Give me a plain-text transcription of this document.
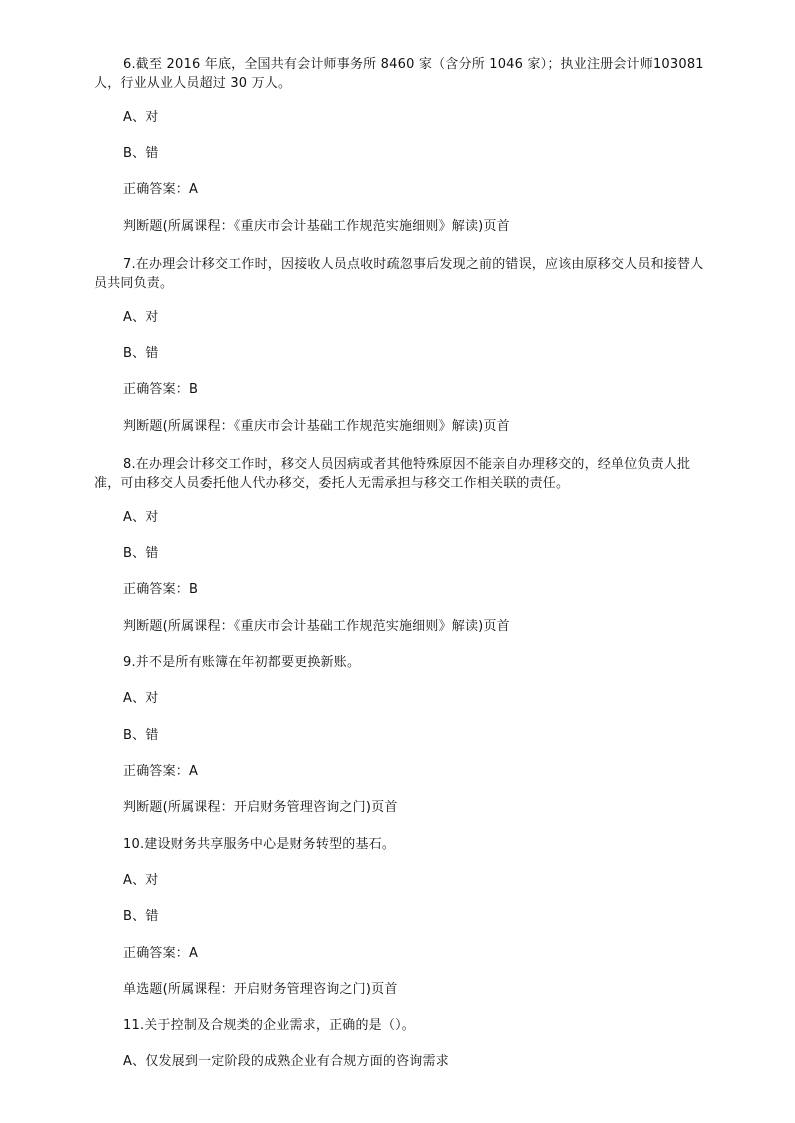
6.截至 2016 年底，全国共有会计师事务所 8460 家（含分所 1046 家）；执业注册会计师103081 人，行业从业人员超过 30 万人。
A、对
B、错
正确答案：A
判断题(所属课程：《重庆市会计基础工作规范实施细则》解读)页首
7.在办理会计移交工作时，因接收人员点收时疏忽事后发现之前的错误，应该由原移交人员和接替人员共同负责。
A、对
B、错
正确答案：B
判断题(所属课程：《重庆市会计基础工作规范实施细则》解读)页首
8.在办理会计移交工作时，移交人员因病或者其他特殊原因不能亲自办理移交的，经单位负责人批准，可由移交人员委托他人代办移交，委托人无需承担与移交工作相关联的责任。
A、对
B、错
正确答案：B
判断题(所属课程：《重庆市会计基础工作规范实施细则》解读)页首
9.并不是所有账簿在年初都要更换新账。
A、对
B、错
正确答案：A
判断题(所属课程：开启财务管理咨询之门)页首
10.建设财务共享服务中心是财务转型的基石。
A、对
B、错
正确答案：A
单选题(所属课程：开启财务管理咨询之门)页首
11.关于控制及合规类的企业需求，正确的是（）。
A、仅发展到一定阶段的成熟企业有合规方面的咨询需求
